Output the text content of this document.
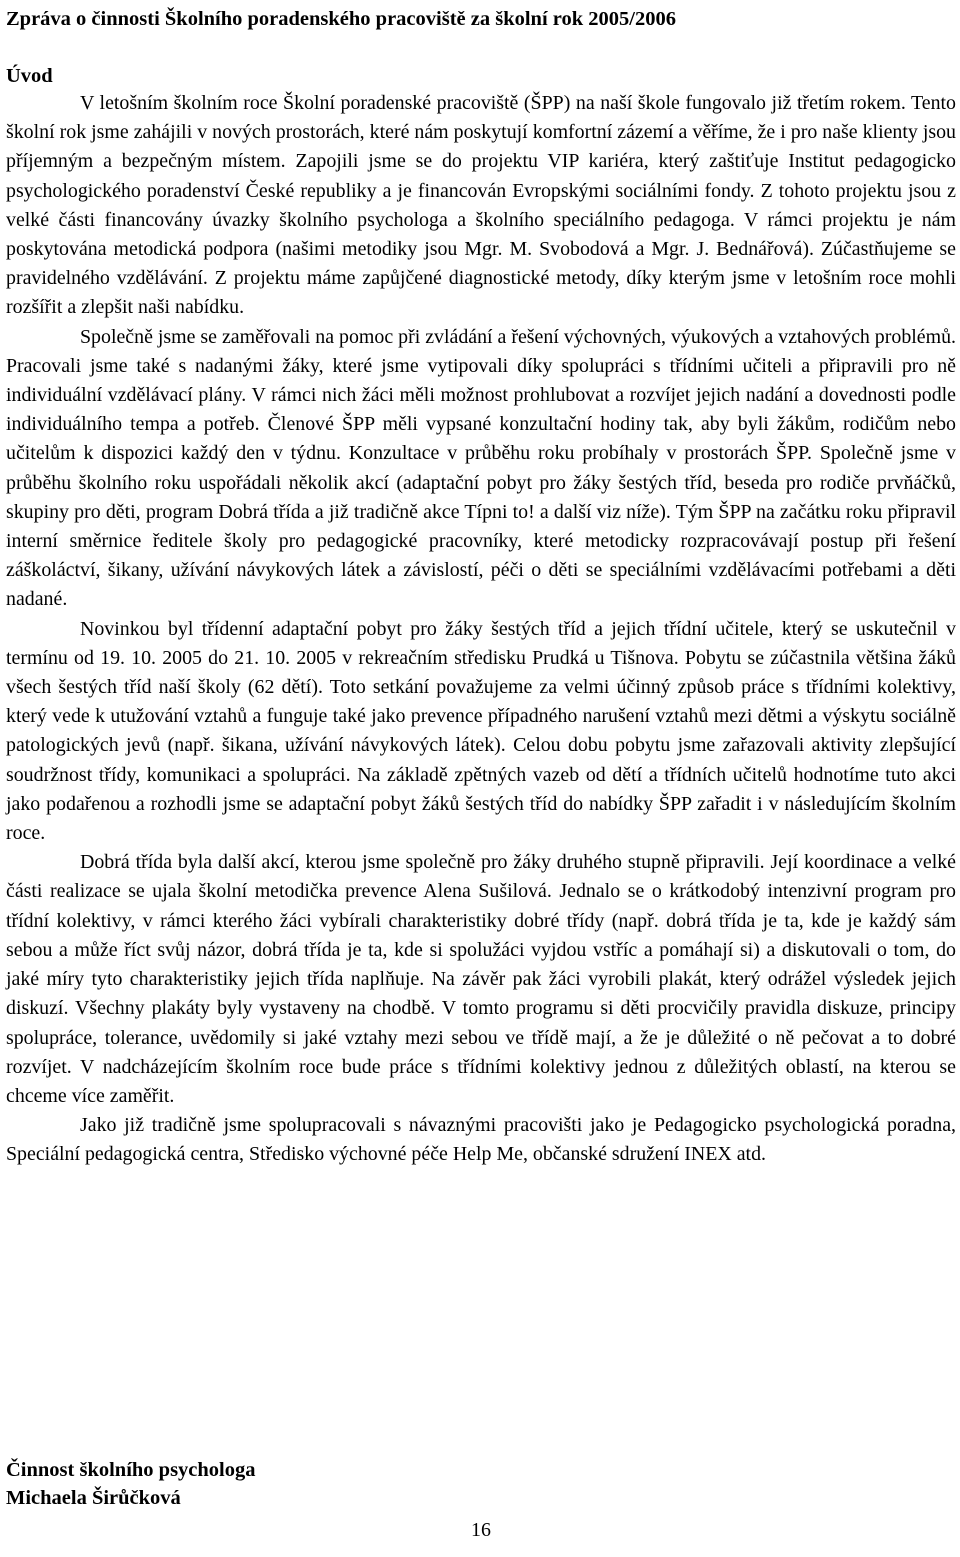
Zpráva o činnosti Školního poradenského pracoviště za školní rok 2005/2006
Úvod

V letošním školním roce Školní poradenské pracoviště (ŠPP) na naší škole fungovalo již třetím rokem. Tento školní rok jsme zahájili v nových prostorách, které nám poskytují komfortní zázemí a věříme, že i pro naše klienty jsou příjemným a bezpečným místem. Zapojili jsme se do projektu VIP kariéra, který zaštiťuje Institut pedagogicko psychologického poradenství České republiky a je financován Evropskými sociálními fondy. Z tohoto projektu jsou z velké části financovány úvazky školního psychologa a školního speciálního pedagoga. V rámci projektu je nám poskytována metodická podpora (našimi metodiky jsou Mgr. M. Svobodová a Mgr. J. Bednářová). Zúčastňujeme se pravidelného vzdělávání. Z projektu máme zapůjčené diagnostické metody, díky kterým jsme v letošním roce mohli rozšířit a zlepšit naši nabídku.

Společně jsme se zaměřovali na pomoc při zvládání a řešení výchovných, výukových a vztahových problémů. Pracovali jsme také s nadanými žáky, které jsme vytipovali díky spolupráci s třídními učiteli a připravili pro ně individuální vzdělávací plány. V rámci nich žáci měli možnost prohlubovat a rozvíjet jejich nadání a dovednosti podle individuálního tempa a potřeb. Členové ŠPP měli vypsané konzultační hodiny tak, aby byli žákům, rodičům nebo učitelům k dispozici každý den v týdnu. Konzultace v průběhu roku probíhaly v prostorách ŠPP. Společně jsme v průběhu školního roku uspořádali několik akcí (adaptační pobyt pro žáky šestých tříd, beseda pro rodiče prvňáčků, skupiny pro děti, program Dobrá třída a již tradičně akce Típni to! a další viz níže). Tým ŠPP na začátku roku připravil interní směrnice ředitele školy pro pedagogické pracovníky, které metodicky rozpracovávají postup při řešení záškoláctví, šikany, užívání návykových látek a závislostí, péči o děti se speciálními vzdělávacími potřebami a děti nadané.

Novinkou byl třídenní adaptační pobyt pro žáky šestých tříd a jejich třídní učitele, který se uskutečnil v termínu od 19. 10. 2005 do 21. 10. 2005 v rekreačním středisku Prudká u Tišnova. Pobytu se zúčastnila většina žáků všech šestých tříd naší školy (62 dětí). Toto setkání považujeme za velmi účinný způsob práce s třídními kolektivy, který vede k utužování vztahů a funguje také jako prevence případného narušení vztahů mezi dětmi a výskytu sociálně patologických jevů (např. šikana, užívání návykových látek). Celou dobu pobytu jsme zařazovali aktivity zlepšující soudržnost třídy, komunikaci a spolupráci. Na základě zpětných vazeb od dětí a třídních učitelů hodnotíme tuto akci jako podařenou a rozhodli jsme se adaptační pobyt žáků šestých tříd do nabídky ŠPP zařadit i v následujícím školním roce.

Dobrá třída byla další akcí, kterou jsme společně pro žáky druhého stupně připravili. Její koordinace a velké části realizace se ujala školní metodička prevence Alena Sušilová. Jednalo se o krátkodobý intenzivní program pro třídní kolektivy, v rámci kterého žáci vybírali charakteristiky dobré třídy (např. dobrá třída je ta, kde je každý sám sebou a může říct svůj názor, dobrá třída je ta, kde si spolužáci vyjdou vstříc a pomáhají si) a diskutovali o tom, do jaké míry tyto charakteristiky jejich třída naplňuje. Na závěr pak žáci vyrobili plakát, který odrážel výsledek jejich diskuzí. Všechny plakáty byly vystaveny na chodbě. V tomto programu si děti procvičily pravidla diskuze, principy spolupráce, tolerance, uvědomily si jaké vztahy mezi sebou ve třídě mají, a že je důležité o ně pečovat a to dobré rozvíjet. V nadcházejícím školním roce bude práce s třídními kolektivy jednou z důležitých oblastí, na kterou se chceme více zaměřit.

Jako již tradičně jsme spolupracovali s návaznými pracovišti jako je Pedagogicko psychologická poradna, Speciální pedagogická centra, Středisko výchovné péče Help Me, občanské sdružení INEX atd.

Činnost školního psychologa
Michaela Širůčková
16
